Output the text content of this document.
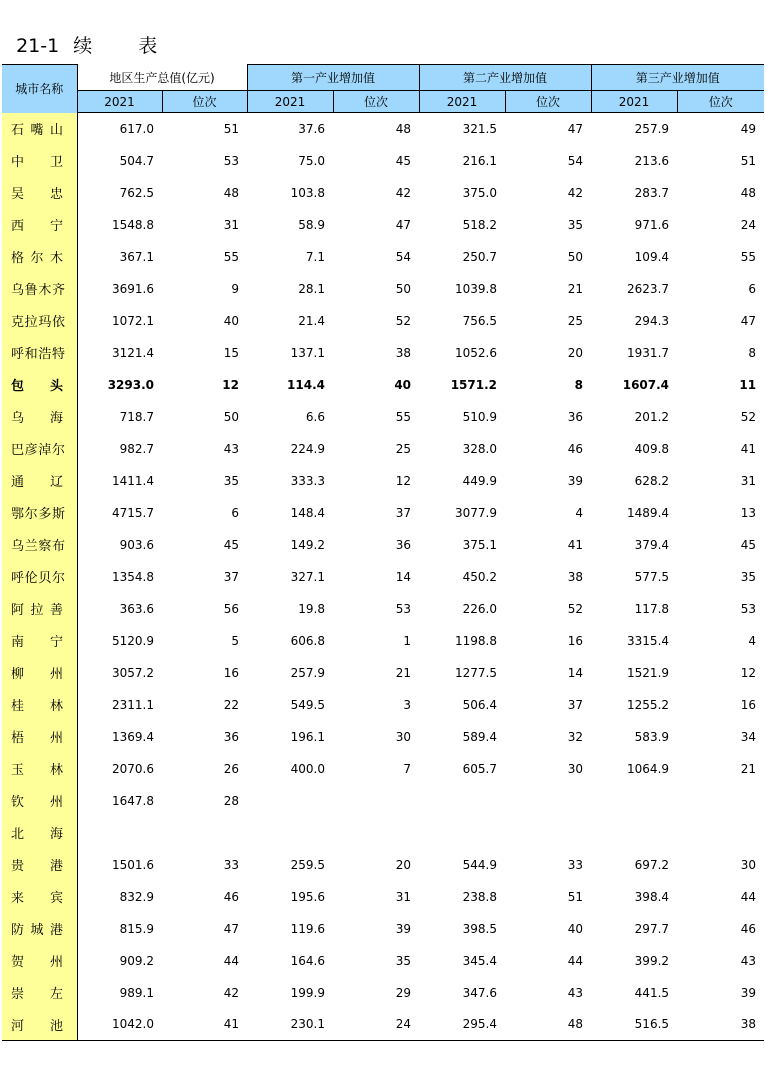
21-1 续表

城市名称	地区生产总值(亿元)		第一产业增加值		第二产业增加值		第三产业增加值	
	2021	位次	2021	位次	2021	位次	2021	位次

石嘴山	617.0	51	37.6	48	321.5	47	257.9	49

中卫	504.7	53	75.0	45	216.1	54	213.6	51

吴忠	762.5	48	103.8	42	375.0	42	283.7	48

西宁	1548.8	31	58.9	47	518.2	35	971.6	24

格尔木	367.1	55	7.1	54	250.7	50	109.4	55

乌鲁木齐	3691.6	9	28.1	50	1039.8	21	2623.7	6

克拉玛依	1072.1	40	21.4	52	756.5	25	294.3	47

呼和浩特	3121.4	15	137.1	38	1052.6	20	1931.7	8

包头	3293.0	12	114.4	40	1571.2	8	1607.4	11

乌海	718.7	50	6.6	55	510.9	36	201.2	52

巴彦淖尔	982.7	43	224.9	25	328.0	46	409.8	41

通辽	1411.4	35	333.3	12	449.9	39	628.2	31

鄂尔多斯	4715.7	6	148.4	37	3077.9	4	1489.4	13

乌兰察布	903.6	45	149.2	36	375.1	41	379.4	45

呼伦贝尔	1354.8	37	327.1	14	450.2	38	577.5	35

阿拉善	363.6	56	19.8	53	226.0	52	117.8	53

南宁	5120.9	5	606.8	1	1198.8	16	3315.4	4

柳州	3057.2	16	257.9	21	1277.5	14	1521.9	12

桂林	2311.1	22	549.5	3	506.4	37	1255.2	16

梧州	1369.4	36	196.1	30	589.4	32	583.9	34

玉林	2070.6	26	400.0	7	605.7	30	1064.9	21

钦州	1647.8	28						

北海								

贵港	1501.6	33	259.5	20	544.9	33	697.2	30

来宾	832.9	46	195.6	31	238.8	51	398.4	44

防城港	815.9	47	119.6	39	398.5	40	297.7	46

贺州	909.2	44	164.6	35	345.4	44	399.2	43

崇左	989.1	42	199.9	29	347.6	43	441.5	39

河池	1042.0	41	230.1	24	295.4	48	516.5	38
